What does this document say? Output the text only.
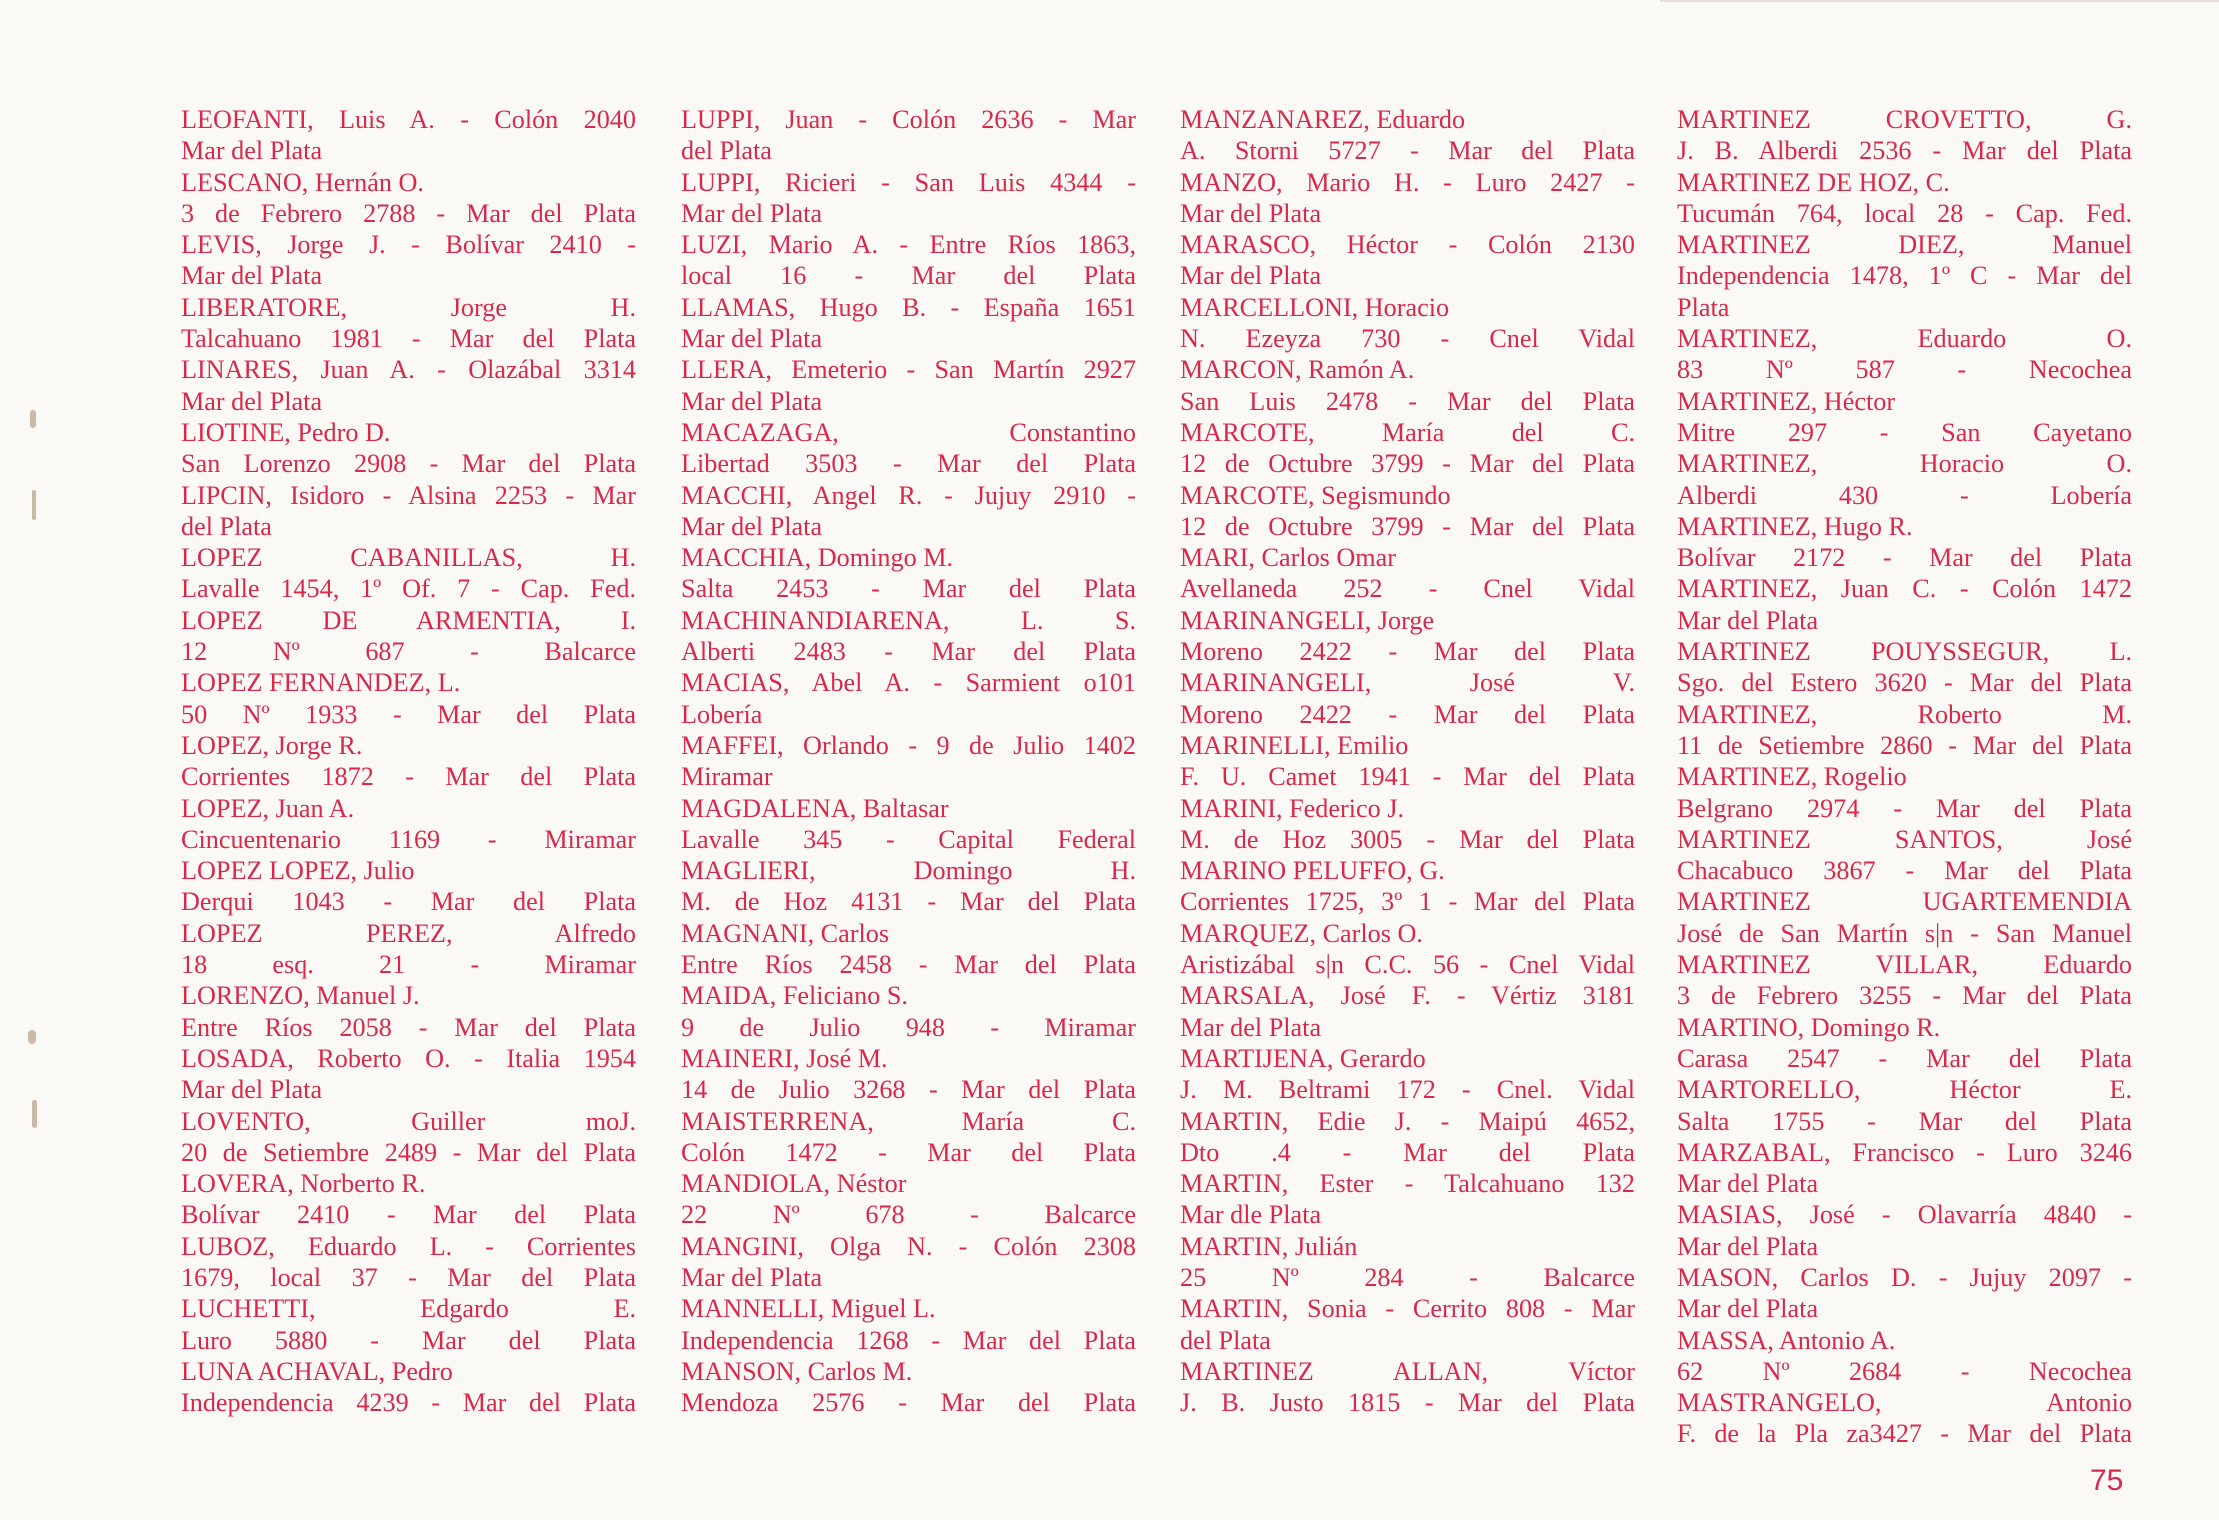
LEOFANTI, Luis A. - Colón 2040
Mar del Plata
LESCANO, Hernán O.
3 de Febrero 2788 - Mar del Plata
LEVIS, Jorge J. - Bolívar 2410 -
Mar del Plata
LIBERATORE, Jorge H.
Talcahuano 1981 - Mar del Plata
LINARES, Juan A. - Olazábal 3314
Mar del Plata
LIOTINE, Pedro D.
San Lorenzo 2908 - Mar del Plata
LIPCIN, Isidoro - Alsina 2253 - Mar
del Plata
LOPEZ CABANILLAS, H.
Lavalle 1454, 1º Of. 7 - Cap. Fed.
LOPEZ DE ARMENTIA, I.
12 Nº 687 - Balcarce
LOPEZ FERNANDEZ, L.
50 Nº 1933 - Mar del Plata
LOPEZ, Jorge R.
Corrientes 1872 - Mar del Plata
LOPEZ, Juan A.
Cincuentenario 1169 - Miramar
LOPEZ LOPEZ, Julio
Derqui 1043 - Mar del Plata
LOPEZ PEREZ, Alfredo
18 esq. 21 - Miramar
LORENZO, Manuel J.
Entre Ríos 2058 - Mar del Plata
LOSADA, Roberto O. - Italia 1954
Mar del Plata
LOVENTO, Guiller moJ.
20 de Setiembre 2489 - Mar del Plata
LOVERA, Norberto R.
Bolívar 2410 - Mar del Plata
LUBOZ, Eduardo L. - Corrientes
1679, local 37 - Mar del Plata
LUCHETTI, Edgardo E.
Luro 5880 - Mar del Plata
LUNA ACHAVAL, Pedro
Independencia 4239 - Mar del Plata
LUPPI, Juan - Colón 2636 - Mar
del Plata
LUPPI, Ricieri - San Luis 4344 -
Mar del Plata
LUZI, Mario A. - Entre Ríos 1863,
local 16 - Mar del Plata
LLAMAS, Hugo B. - España 1651
Mar del Plata
LLERA, Emeterio - San Martín 2927
Mar del Plata
MACAZAGA, Constantino
Libertad 3503 - Mar del Plata
MACCHI, Angel R. - Jujuy 2910 -
Mar del Plata
MACCHIA, Domingo M.
Salta 2453 - Mar del Plata
MACHINANDIARENA, L. S.
Alberti 2483 - Mar del Plata
MACIAS, Abel A. - Sarmient o101
Lobería
MAFFEI, Orlando - 9 de Julio 1402
Miramar
MAGDALENA, Baltasar
Lavalle 345 - Capital Federal
MAGLIERI, Domingo H.
M. de Hoz 4131 - Mar del Plata
MAGNANI, Carlos
Entre Ríos 2458 - Mar del Plata
MAIDA, Feliciano S.
9 de Julio 948 - Miramar
MAINERI, José M.
14 de Julio 3268 - Mar del Plata
MAISTERRENA, María C.
Colón 1472 - Mar del Plata
MANDIOLA, Néstor
22 Nº 678 - Balcarce
MANGINI, Olga N. - Colón 2308
Mar del Plata
MANNELLI, Miguel L.
Independencia 1268 - Mar del Plata
MANSON, Carlos M.
Mendoza 2576 - Mar del Plata
MANZANAREZ, Eduardo
A. Storni 5727 - Mar del Plata
MANZO, Mario H. - Luro 2427 -
Mar del Plata
MARASCO, Héctor - Colón 2130
Mar del Plata
MARCELLONI, Horacio
N. Ezeyza 730 - Cnel Vidal
MARCON, Ramón A.
San Luis 2478 - Mar del Plata
MARCOTE, María del C.
12 de Octubre 3799 - Mar del Plata
MARCOTE, Segismundo
12 de Octubre 3799 - Mar del Plata
MARI, Carlos Omar
Avellaneda 252 - Cnel Vidal
MARINANGELI, Jorge
Moreno 2422 - Mar del Plata
MARINANGELI, José V.
Moreno 2422 - Mar del Plata
MARINELLI, Emilio
F. U. Camet 1941 - Mar del Plata
MARINI, Federico J.
M. de Hoz 3005 - Mar del Plata
MARINO PELUFFO, G.
Corrientes 1725, 3º 1 - Mar del Plata
MARQUEZ, Carlos O.
Aristizábal s|n C.C. 56 - Cnel Vidal
MARSALA, José F. - Vértiz 3181
Mar del Plata
MARTIJENA, Gerardo
J. M. Beltrami 172 - Cnel. Vidal
MARTIN, Edie J. - Maipú 4652,
Dto .4 - Mar del Plata
MARTIN, Ester - Talcahuano 132
Mar dle Plata
MARTIN, Julián
25 Nº 284 - Balcarce
MARTIN, Sonia - Cerrito 808 - Mar
del Plata
MARTINEZ ALLAN, Víctor
J. B. Justo 1815 - Mar del Plata
MARTINEZ CROVETTO, G.
J. B. Alberdi 2536 - Mar del Plata
MARTINEZ DE HOZ, C.
Tucumán 764, local 28 - Cap. Fed.
MARTINEZ DIEZ, Manuel
Independencia 1478, 1º C - Mar del
Plata
MARTINEZ, Eduardo O.
83 Nº 587 - Necochea
MARTINEZ, Héctor
Mitre 297 - San Cayetano
MARTINEZ, Horacio O.
Alberdi 430 - Lobería
MARTINEZ, Hugo R.
Bolívar 2172 - Mar del Plata
MARTINEZ, Juan C. - Colón 1472
Mar del Plata
MARTINEZ POUYSSEGUR, L.
Sgo. del Estero 3620 - Mar del Plata
MARTINEZ, Roberto M.
11 de Setiembre 2860 - Mar del Plata
MARTINEZ, Rogelio
Belgrano 2974 - Mar del Plata
MARTINEZ SANTOS, José
Chacabuco 3867 - Mar del Plata
MARTINEZ UGARTEMENDIA
José de San Martín s|n - San Manuel
MARTINEZ VILLAR, Eduardo
3 de Febrero 3255 - Mar del Plata
MARTINO, Domingo R.
Carasa 2547 - Mar del Plata
MARTORELLO, Héctor E.
Salta 1755 - Mar del Plata
MARZABAL, Francisco - Luro 3246
Mar del Plata
MASIAS, José - Olavarría 4840 -
Mar del Plata
MASON, Carlos D. - Jujuy 2097 -
Mar del Plata
MASSA, Antonio A.
62 Nº 2684 - Necochea
MASTRANGELO, Antonio
F. de la Pla za3427 - Mar del Plata
75
